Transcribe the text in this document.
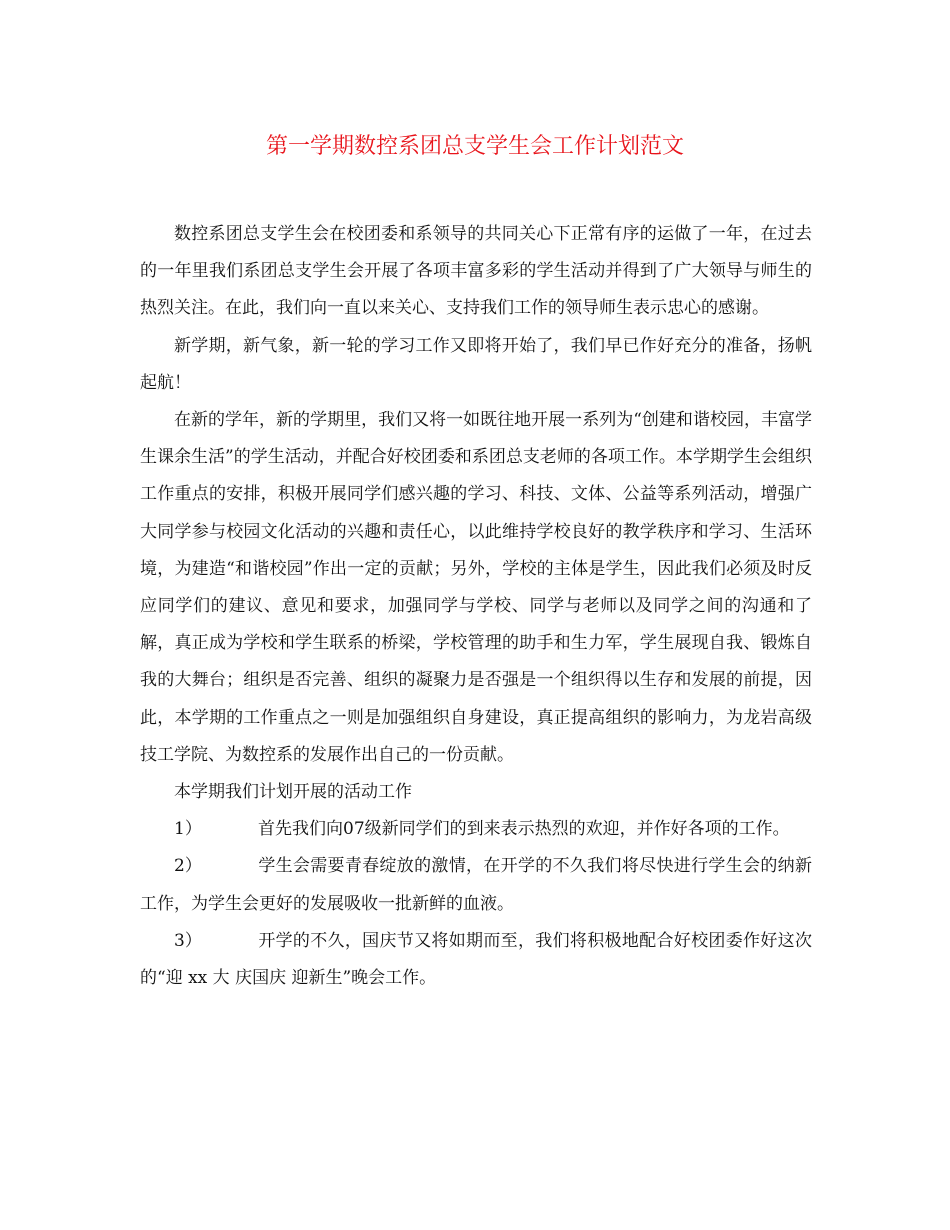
第一学期数控系团总支学生会工作计划范文

数控系团总支学生会在校团委和系领导的共同关心下正常有序的运做了一年，在过去的一年里我们系团总支学生会开展了各项丰富多彩的学生活动并得到了广大领导与师生的热烈关注。在此，我们向一直以来关心、支持我们工作的领导师生表示忠心的感谢。

新学期，新气象，新一轮的学习工作又即将开始了，我们早已作好充分的准备，扬帆起航！

在新的学年，新的学期里，我们又将一如既往地开展一系列为“创建和谐校园，丰富学生课余生活”的学生活动，并配合好校团委和系团总支老师的各项工作。本学期学生会组织工作重点的安排，积极开展同学们感兴趣的学习、科技、文体、公益等系列活动，增强广大同学参与校园文化活动的兴趣和责任心，以此维持学校良好的教学秩序和学习、生活环境，为建造“和谐校园”作出一定的贡献；另外，学校的主体是学生，因此我们必须及时反应同学们的建议、意见和要求，加强同学与学校、同学与老师以及同学之间的沟通和了解，真正成为学校和学生联系的桥梁，学校管理的助手和生力军，学生展现自我、锻炼自我的大舞台；组织是否完善、组织的凝聚力是否强是一个组织得以生存和发展的前提，因此，本学期的工作重点之一则是加强组织自身建设，真正提高组织的影响力，为龙岩高级技工学院、为数控系的发展作出自己的一份贡献。

本学期我们计划开展的活动工作

1）	首先我们向07级新同学们的到来表示热烈的欢迎，并作好各项的工作。

2）	学生会需要青春绽放的激情，在开学的不久我们将尽快进行学生会的纳新工作，为学生会更好的发展吸收一批新鲜的血液。

3）	开学的不久，国庆节又将如期而至，我们将积极地配合好校团委作好这次的“迎 xx 大 庆国庆 迎新生”晚会工作。
